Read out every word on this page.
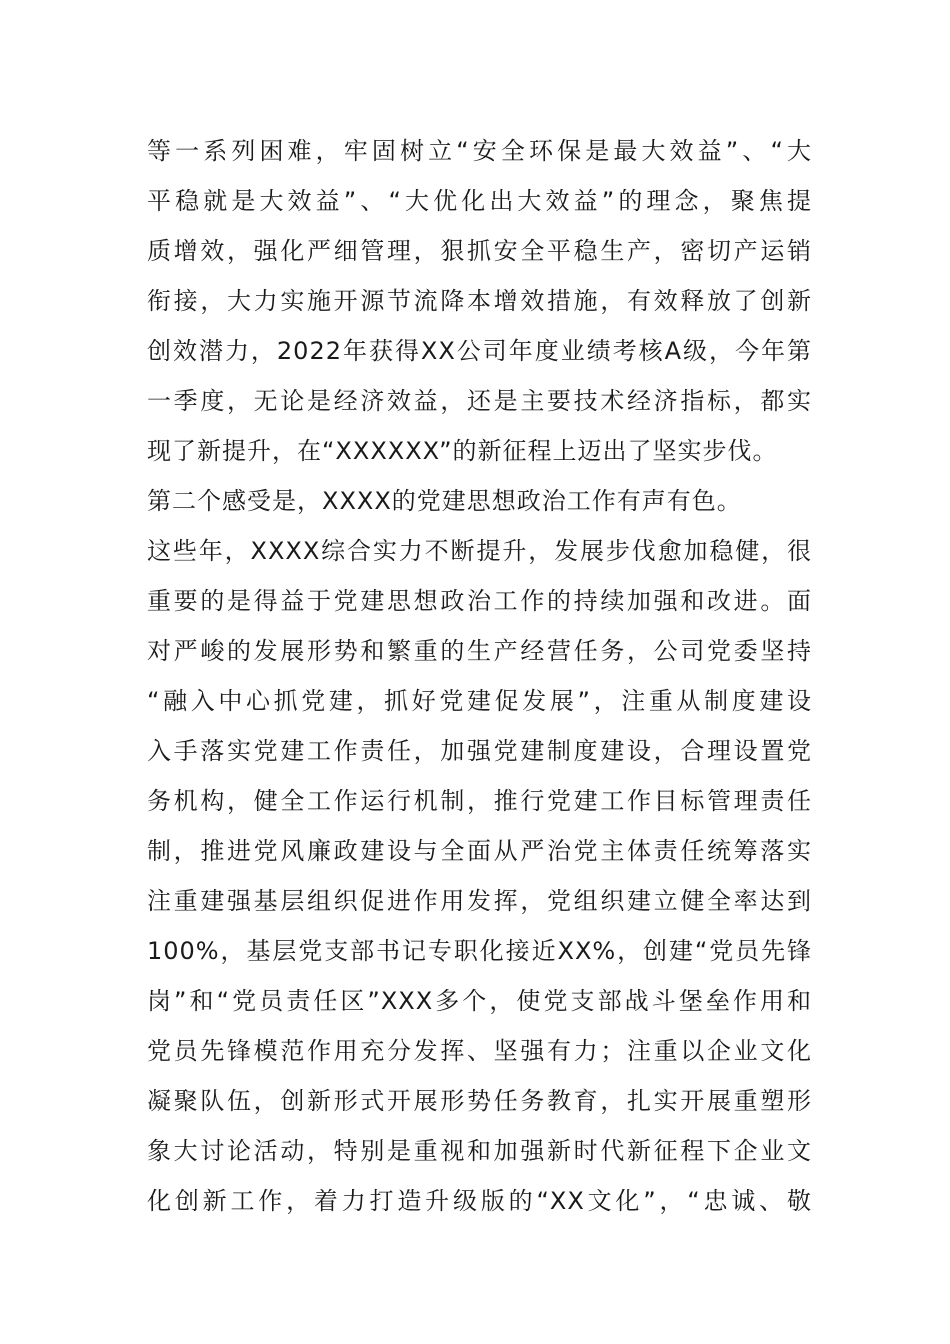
等一系列困难，牢固树立“安全环保是最大效益”、“大
平稳就是大效益”、“大优化出大效益”的理念，聚焦提
质增效，强化严细管理，狠抓安全平稳生产，密切产运销
衔接，大力实施开源节流降本增效措施，有效释放了创新
创效潜力，2022年获得XX公司年度业绩考核A级，今年第
一季度，无论是经济效益，还是主要技术经济指标，都实
现了新提升，在“XXXXXX”的新征程上迈出了坚实步伐。
第二个感受是，XXXX的党建思想政治工作有声有色。
这些年，XXXX综合实力不断提升，发展步伐愈加稳健，很
重要的是得益于党建思想政治工作的持续加强和改进。面
对严峻的发展形势和繁重的生产经营任务，公司党委坚持
“融入中心抓党建，抓好党建促发展”，注重从制度建设
入手落实党建工作责任，加强党建制度建设，合理设置党
务机构，健全工作运行机制，推行党建工作目标管理责任
制，推进党风廉政建设与全面从严治党主体责任统筹落实
注重建强基层组织促进作用发挥，党组织建立健全率达到
100%，基层党支部书记专职化接近XX%，创建“党员先锋
岗”和“党员责任区”XXX多个，使党支部战斗堡垒作用和
党员先锋模范作用充分发挥、坚强有力；注重以企业文化
凝聚队伍，创新形式开展形势任务教育，扎实开展重塑形
象大讨论活动，特别是重视和加强新时代新征程下企业文
化创新工作，着力打造升级版的“XX文化”，“忠诚、敬
